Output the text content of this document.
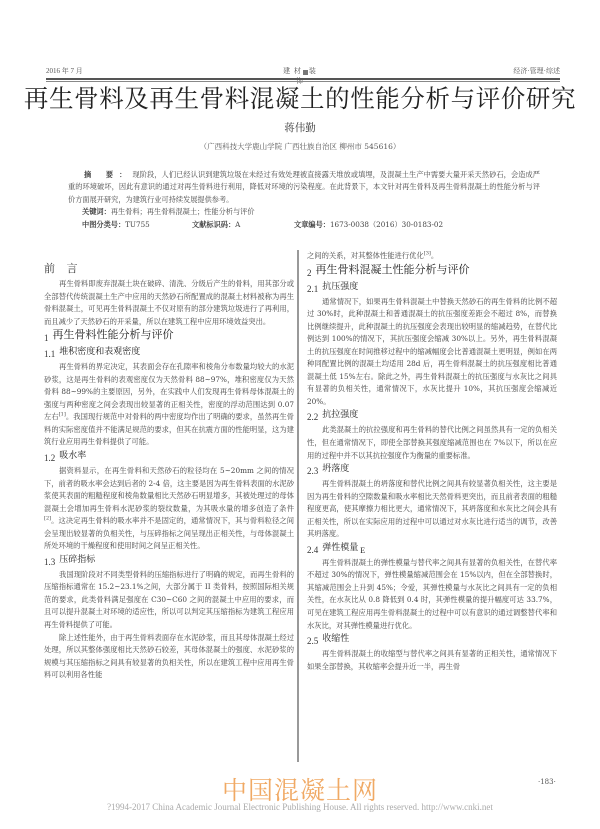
2016 年 7 月	建 材 装 饰
经济·管理·综述
再生骨料及再生骨料混凝土的性能分析与评价研究
蒋伟勤
（广西科技大学鹿山学院 广西壮族自治区 柳州市 545616）
摘 要：现阶段，人们已经认识到建筑垃圾在未经过有效处理被直接露天堆放或填埋，及混凝土生产中需要大量开采天然砂石，会造成严重的环境破坏，因此有意识的通过对再生骨料进行利用，降低对环境的污染程度。在此背景下，本文针对再生骨料及再生骨料混凝土的性能分析与评价方面展开研究，为建筑行业可持续发展提供参考。
关键词：再生骨料；再生骨料混凝土；性能分析与评价
中图分类号：TU755	文献标识码：A	文章编号：1673-0038（2016）30-0183-02
前 言

再生骨料即废弃混凝土块在破碎、清洗、分级后产生的骨料，用其部分或全部替代传统混凝土生产中应用的天然砂石所配置成的混凝土材料被称为再生骨料混凝土，可见再生骨料混凝土不仅对原有的部分建筑垃圾进行了再利用，而且减少了天然砂石的开采量，所以在建筑工程中应用环境效益突出。

$_1$ 再生骨料性能分析与评价
1.1 堆积密度和表观密度

再生骨料的界定决定，其表面会存在孔隙率和棱角分布数量均较大的水泥砂浆，这是再生骨料的表观密度仅为天然骨料 88~97%，堆积密度仅为天然骨料 88~99%的主要原因，另外，在实践中人们发现再生骨料母体混凝土的强度与两种密度之间会表现出较显著的正相关性，密度的浮动范围达到 0.07 左右[1]。我国现行规范中对骨料的两中密度均作出了明确的要求，虽然再生骨料的实际密度值并不能满足规范的要求，但其在抗震方面的性能明显，这为建筑行业应用再生骨料提供了可能。

1.2 吸水率

据资料显示，在再生骨料和天然砂石的粒径均在 5~20mm 之间的情况下，前者的吸水率会达到后者的 2-4 倍，这主要是因为再生骨料表面的水泥砂浆使其表面的粗糙程度和棱角数量相比天然砂石明显增多，其被处理过的母体混凝土会增加再生骨料水泥砂浆的裂纹数量，为其吸水量的增多创造了条件[2]。这决定再生骨料的吸水率并不是固定的，通常情况下，其与骨料粒径之间会呈现出较显著的负相关性，与压碎指标之间呈现出正相关性，与母体混凝土所处环境的干燥程度和使用时间之间呈正相关性。

1.3 压碎指标

我国现阶段对不同类型骨料的压缩指标进行了明确的规定，而再生骨料的压缩指标通常在 15.2~23.1%之间，大部分属于 II 类骨料，按照国际相关规范的要求，此类骨料满足强度在 C30~C60 之间的混凝土中应用的要求，而且可以提升混凝土对环境的适应性，所以可以判定其压缩指标为建筑工程应用再生骨料提供了可能。

除上述性能外，由于再生骨料表面存在水泥砂浆，而且其母体混凝土经过处理，所以其整体强度相比天然砂石较差，其母体混凝土的强度、水泥砂浆的规模与其压缩指标之间具有较显著的负相关性，所以在建筑工程中应用再生骨料可以利用各性能

之间的关系，对其整体性能进行优化[3]。

$_2$ 再生骨料混凝土性能分析与评价
2.1 抗压强度

通常情况下，如果再生骨料混凝土中替换天然砂石的再生骨料的比例不超过 30%时，此种混凝土和普通混凝土的抗压强度差距会不超过 8%，而替换比例继续提升，此种混凝土的抗压强度会表现出较明显的缩减趋势，在替代比例达到 100%的情况下，其抗压强度会缩减 30%以上。另外，再生骨料混凝土的抗压强度在时间推移过程中的缩减幅度会比普通混凝土更明显，例如在两种同配置比例的混凝土均适用 28d 后，再生骨料混凝土的抗压强度相比普通混凝土低 15%左右。除此之外，再生骨料混凝土的抗压强度与水灰比之间具有显著的负相关性，通常情况下，水灰比提升 10%，其抗压强度会缩减近 20%。

2.2 抗拉强度

此类混凝土的抗拉强度和再生骨料的替代比例之间虽然具有一定的负相关性，但在通常情况下，即使全部替换其强度缩减范围也在 7%以下，所以在应用的过程中并不以其抗拉强度作为衡量的重要标准。

2.3 坍落度

再生骨料混凝土的坍落度和替代比例之间具有较显著负相关性，这主要是因为再生骨料的空隙数量和吸水率相比天然骨料更突出，而且前者表面的粗糙程度更高，使其摩擦力相比更大，通常情况下，其坍落度和水灰比之间会具有正相关性，所以在实际应用的过程中可以通过对水灰比进行适当的调节，改善其坍落度。

2.4 弹性模量 E

再生骨料混凝土的弹性模量与替代率之间具有显著的负相关性，在替代率不超过 30%的情况下，弹性模量缩减范围会在 15%以内，但在全部替换时，其缩减范围会上升到 45%；令爱，其弹性模量与水灰比之间具有一定的负相关性，在水灰比从 0.8 降低到 0.4 时，其弹性模量的提升幅度可达 33.7%，可见在建筑工程应用再生骨料混凝土的过程中可以有意识的通过调整替代率和水灰比，对其弹性模量进行优化。

2.5 收缩性

再生骨料混凝土的收缩型与替代率之间具有显著的正相关性，通常情况下如果全部替换，其收缩率会提升近一半，再生骨

中国混凝土网	·183·
?1994-2017 China Academic Journal Electronic Publishing House. All rights reserved. http://www.cnki.net
